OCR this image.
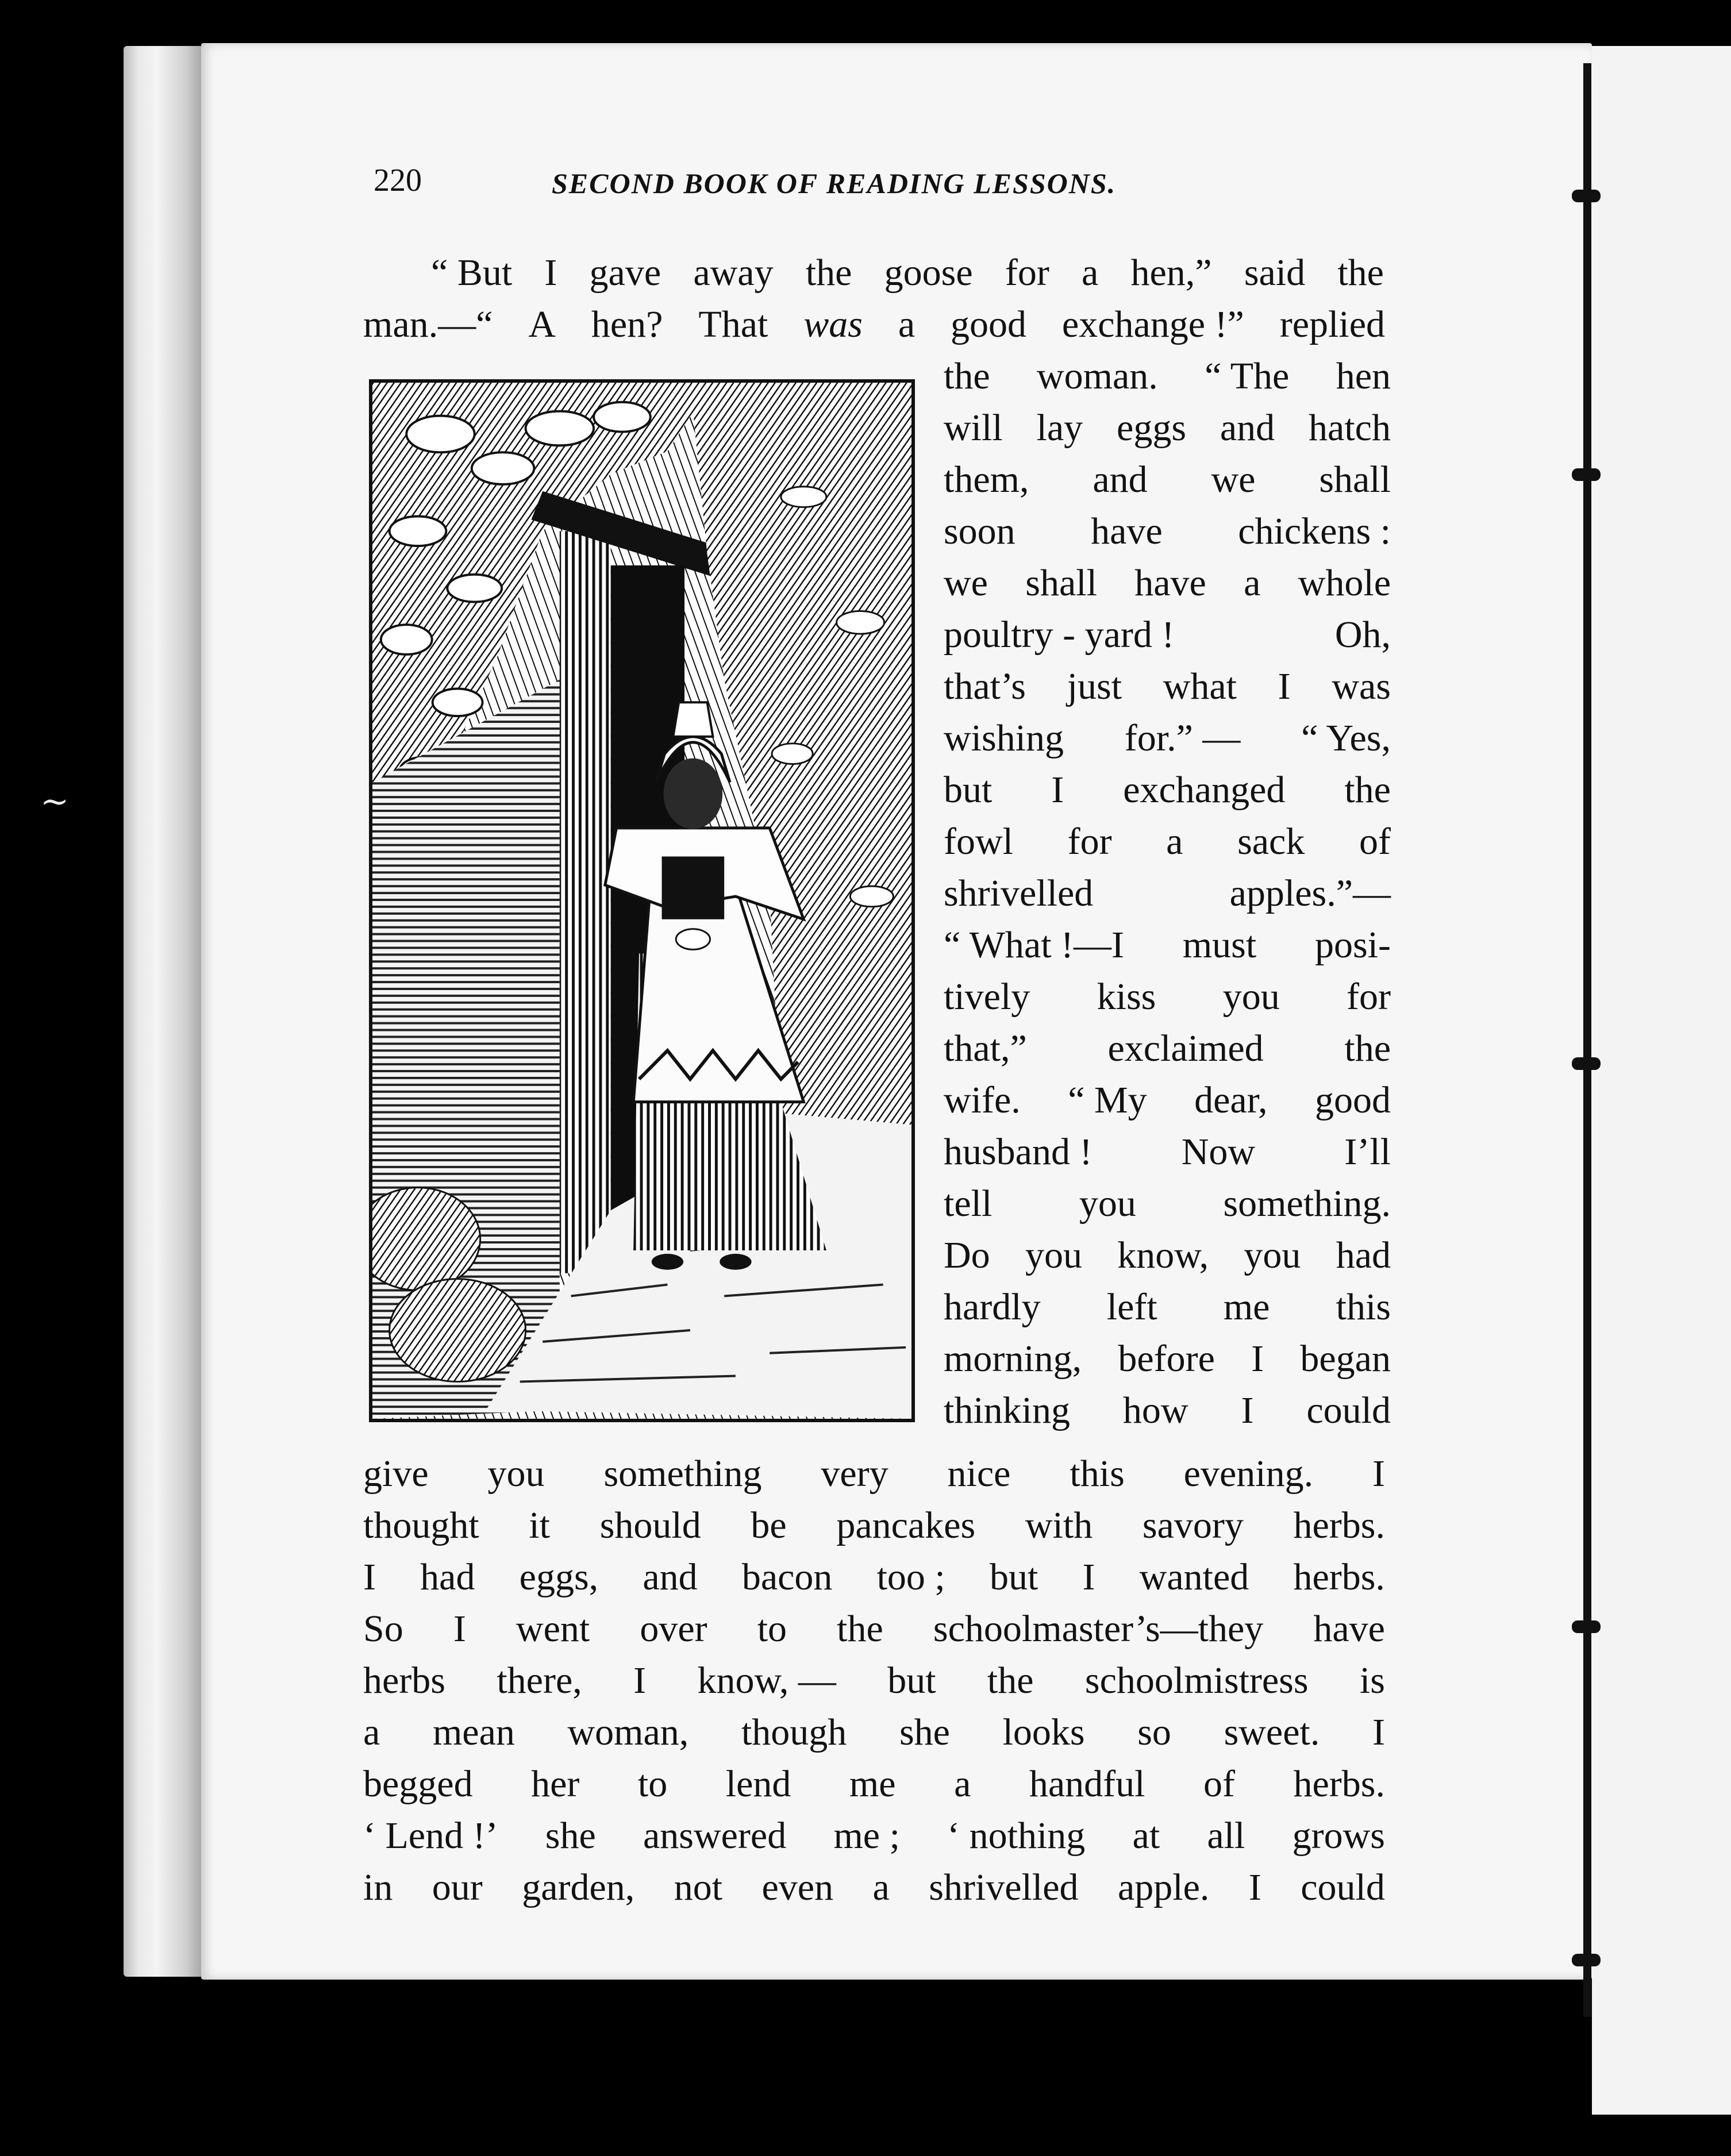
220	SECOND BOOK OF READING LESSONS.
“ But I gave away the goose for a hen,” said the
man.—“ A hen? That was a good exchange !” replied
the woman. “ The hen
will lay eggs and hatch
them, and we shall
soon have chickens :
we shall have a whole
poultry - yard !	Oh,
that’s just what I was
wishing for.” — “ Yes,
but I exchanged the
fowl for a sack of
shrivelled	apples.”—
“ What !—I must posi-
tively kiss you for
that,” exclaimed the
wife. “ My dear, good
husband ! Now I’ll
tell you something.
Do you know, you had
hardly left me this
morning, before I began
thinking how I could
give you something very nice this evening. I
thought it should be pancakes with savory herbs.
I had eggs, and bacon too ; but I wanted herbs.
So I went over to the schoolmaster’s—they have
herbs there, I know, — but the schoolmistress is
a mean woman, though she looks so sweet. I
begged her to lend me a handful of herbs.
‘ Lend !’ she answered me ; ‘ nothing at all grows
in our garden, not even a shrivelled apple. I could
~
